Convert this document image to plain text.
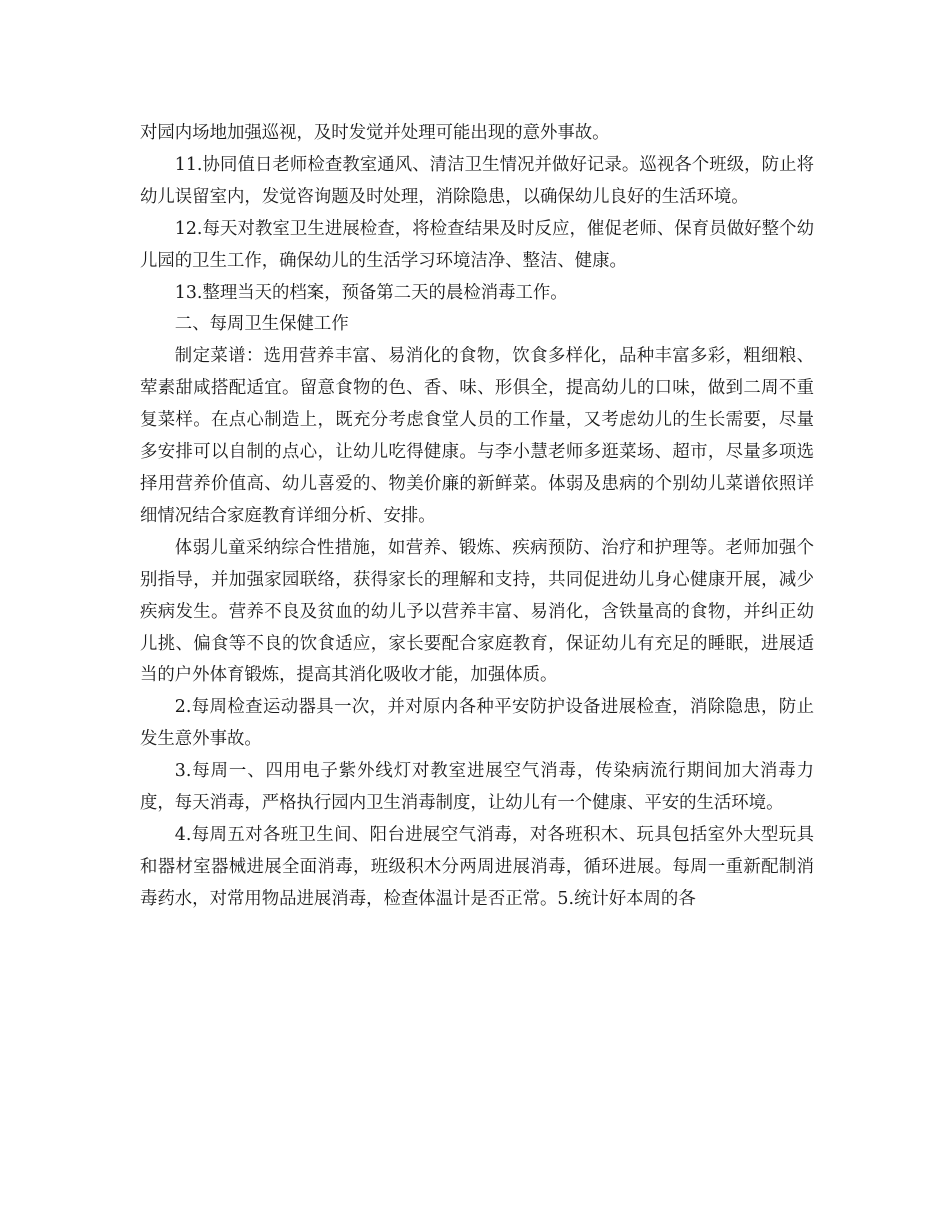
对园内场地加强巡视，及时发觉并处理可能出现的意外事故。

11.协同值日老师检查教室通风、清洁卫生情况并做好记录。巡视各个班级，防止将幼儿误留室内，发觉咨询题及时处理，消除隐患，以确保幼儿良好的生活环境。

12.每天对教室卫生进展检查，将检查结果及时反应，催促老师、保育员做好整个幼儿园的卫生工作，确保幼儿的生活学习环境洁净、整洁、健康。

13.整理当天的档案，预备第二天的晨检消毒工作。

二、每周卫生保健工作

制定菜谱：选用营养丰富、易消化的食物，饮食多样化，品种丰富多彩，粗细粮、荤素甜咸搭配适宜。留意食物的色、香、味、形俱全，提高幼儿的口味，做到二周不重复菜样。在点心制造上，既充分考虑食堂人员的工作量，又考虑幼儿的生长需要，尽量多安排可以自制的点心，让幼儿吃得健康。与李小慧老师多逛菜场、超市，尽量多项选择用营养价值高、幼儿喜爱的、物美价廉的新鲜菜。体弱及患病的个别幼儿菜谱依照详细情况结合家庭教育详细分析、安排。

体弱儿童采纳综合性措施，如营养、锻炼、疾病预防、治疗和护理等。老师加强个别指导，并加强家园联络，获得家长的理解和支持，共同促进幼儿身心健康开展，减少疾病发生。营养不良及贫血的幼儿予以营养丰富、易消化，含铁量高的食物，并纠正幼儿挑、偏食等不良的饮食适应，家长要配合家庭教育，保证幼儿有充足的睡眠，进展适当的户外体育锻炼，提高其消化吸收才能，加强体质。

2.每周检查运动器具一次，并对原内各种平安防护设备进展检查，消除隐患，防止发生意外事故。

3.每周一、四用电子紫外线灯对教室进展空气消毒，传染病流行期间加大消毒力度，每天消毒，严格执行园内卫生消毒制度，让幼儿有一个健康、平安的生活环境。

4.每周五对各班卫生间、阳台进展空气消毒，对各班积木、玩具包括室外大型玩具和器材室器械进展全面消毒，班级积木分两周进展消毒，循环进展。每周一重新配制消毒药水，对常用物品进展消毒，检查体温计是否正常。5.统计好本周的各
